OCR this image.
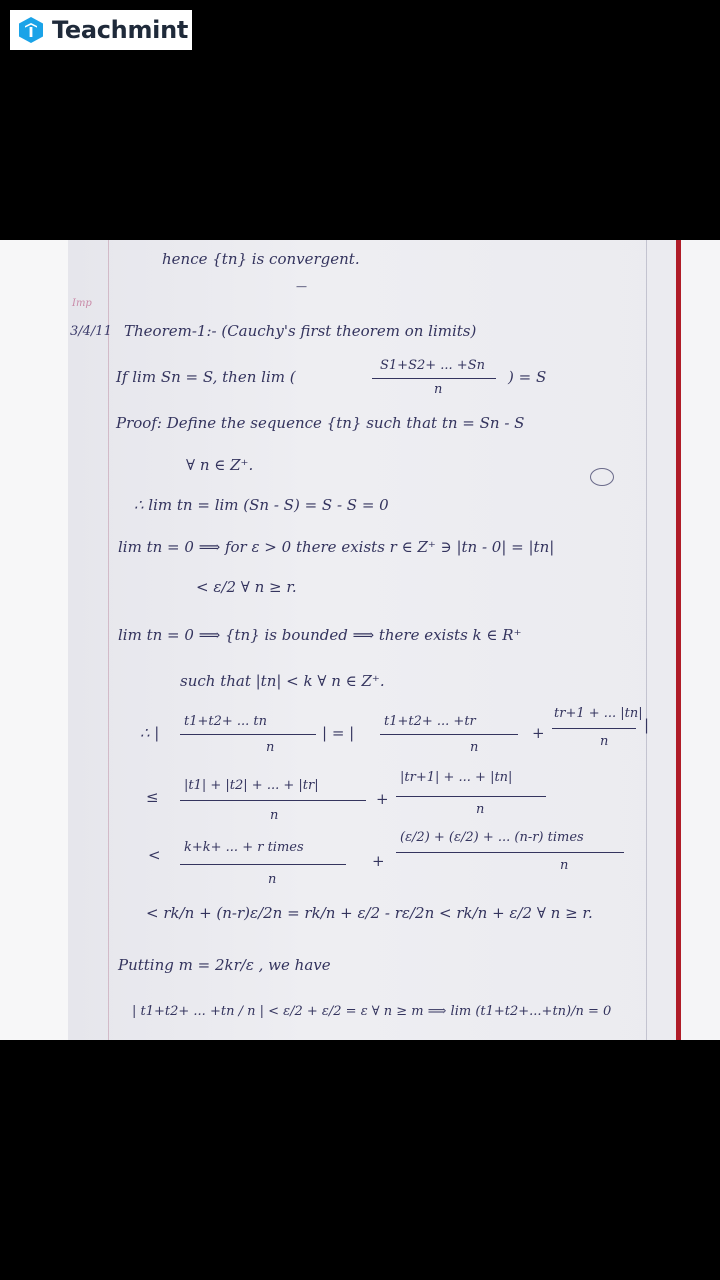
Teachmint
hence {tn} is convergent.
—
Imp
3/4/11 Theorem-1:- (Cauchy's first theorem on limits)
If lim Sn = S, then lim (
S1+S2+ ... +Sn
n
) = S
Proof: Define the sequence {tn} such that tn = Sn - S
∀ n ∈ Z⁺.
∴ lim tn = lim (Sn - S) = S - S = 0
lim tn = 0 ⟹ for ε > 0 there exists r ∈ Z⁺ ∋ |tn - 0| = |tn|
< ε/2 ∀ n ≥ r.
lim tn = 0 ⟹ {tn} is bounded ⟹ there exists k ∈ R⁺
such that |tn| < k ∀ n ∈ Z⁺.
∴ |
t1+t2+ ... tn
n
| = |
t1+t2+ ... +tr
n
+
tr+1 + ... |tn|
n
|
≤
|t1| + |t2| + ... + |tr|
n
+
|tr+1| + ... + |tn|
n
< k+k+ ... + r times
n
+
(ε/2) + (ε/2) + ... (n-r) times
n
< rk/n + (n-r)ε/2n = rk/n + ε/2 - rε/2n < rk/n + ε/2 ∀ n ≥ r.
Putting m = 2kr/ε , we have
| t1+t2+ ... +tn / n | < ε/2 + ε/2 = ε ∀ n ≥ m ⟹ lim (t1+t2+...+tn)/n = 0
